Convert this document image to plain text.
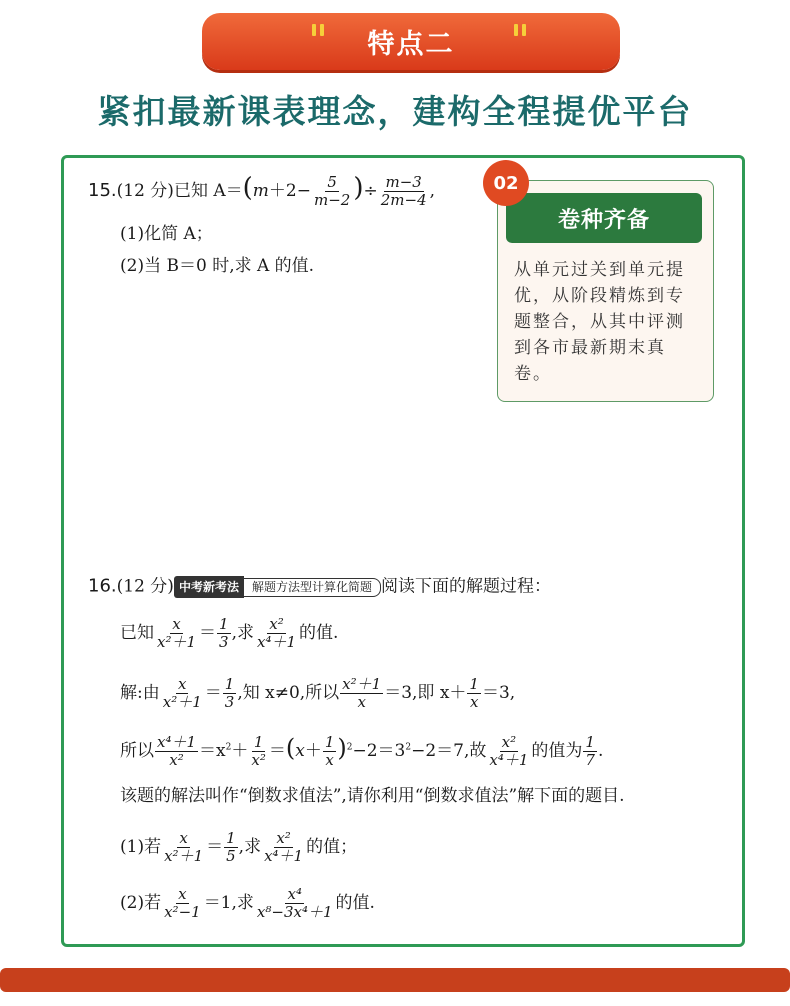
特点二
紧扣最新课表理念，建构全程提优平台
15.(12 分)已知 $A=(m+2- \frac{5}{m-2}$ )÷ $\frac{m-3}{2m-4}$ ,
(1)化简 A；
(2)当 B＝0 时,求 A 的值.
16.(12 分) 中考新考法 解题方法型计算化简题 阅读下面的解题过程：
已知 $\frac{x}{\text{x²＋1}} = \frac{1}{3}$ ,求 $\frac{\text{x²}}{\text{x⁴＋1}}$ 的值.
解:由 $\frac{x}{\text{x²＋1}} = \frac{1}{3}$ ,知 x≠0,所以 $\frac{\text{x²＋1}}{x} =3$,即 $x+ \frac{1}{x} =3$,
所以 $\frac{\text{x⁴＋1}}{\text{x²}} =x^2+ \frac{1}{\text{x²}} =(x+ \frac{1}{x} )^2-2=3^2-2=7$,故 $\frac{\text{x²}}{\text{x⁴＋1}}$ 的值为 $\frac{1}{7}$ .
该题的解法叫作“倒数求值法”,请你利用“倒数求值法”解下面的题目.
(1)若 $\frac{x}{\text{x²＋1}} = \frac{1}{5}$ ,求 $\frac{\text{x²}}{\text{x⁴＋1}}$ 的值；
(2)若 $\frac{x}{\text{x²−1}} =1$,求 $\frac{\text{x⁴}}{\text{x⁸−3x⁴＋1}}$ 的值.
卷种齐备
从单元过关到单元提优，从阶段精炼到专题整合，从其中评测到各市最新期末真卷。
02
